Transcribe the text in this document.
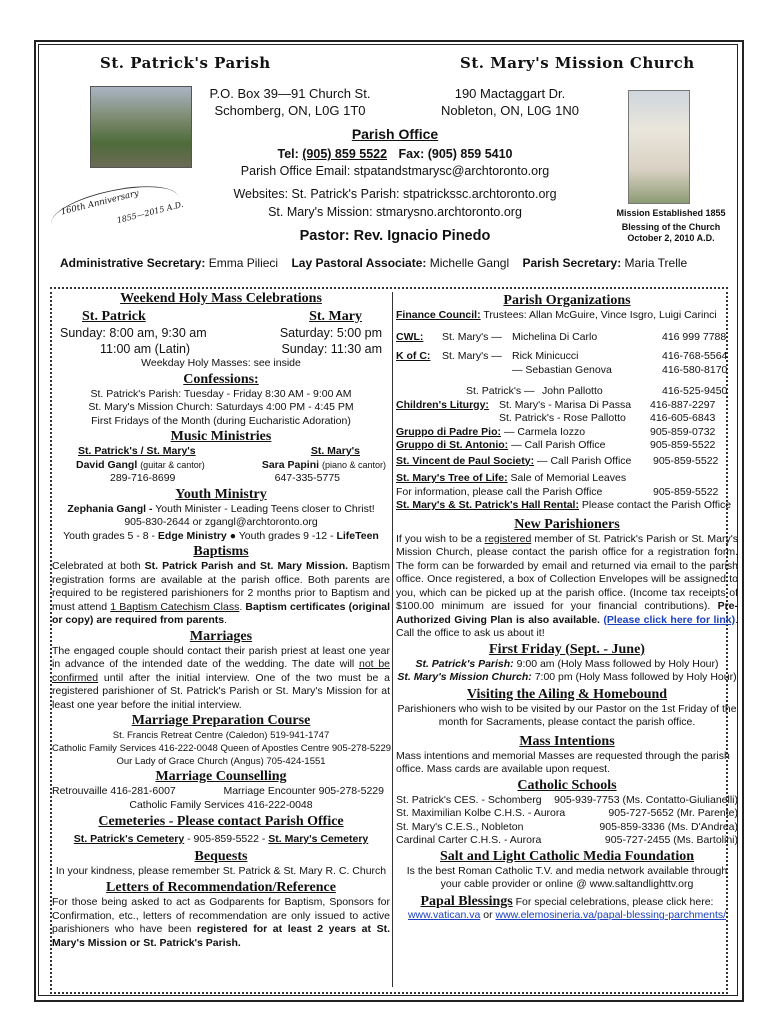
St. Patrick's Parish	St. Mary's Mission Church
P.O. Box 39—91 Church St.
Schomberg, ON, L0G 1T0
190 Mactaggart Dr.
Nobleton, ON, L0G 1N0
Parish Office
Tel: (905) 859 5522 Fax: (905) 859 5410
Parish Office Email: stpatandstmarysc@archtoronto.org
Websites: St. Patrick's Parish: stpatrickssc.archtoronto.org
St. Mary's Mission: stmarysno.archtoronto.org
Pastor: Rev. Ignacio Pinedo
160th Anniversary
1855—2015 A.D.	Mission Established 1855
Blessing of the Church
October 2, 2010 A.D.
Administrative Secretary: Emma Pilieci Lay Pastoral Associate: Michelle Gangl Parish Secretary: Maria Trelle
Weekend Holy Mass Celebrations
St. Patrick	St. Mary
Sunday: 8:00 am, 9:30 am	Saturday: 5:00 pm
11:00 am (Latin)	Sunday: 11:30 am
Weekday Holy Masses: see inside
Confessions:
St. Patrick's Parish: Tuesday - Friday 8:30 AM - 9:00 AM
St. Mary's Mission Church: Saturdays 4:00 PM - 4:45 PM
First Fridays of the Month (during Eucharistic Adoration)
Music Ministries
St. Patrick's / St. Mary's	St. Mary's
David Gangl (guitar & cantor)	Sara Papini (piano & cantor)
289-716-8699	647-335-5775
Youth Ministry
Zephania Gangl - Youth Minister - Leading Teens closer to Christ!
905-830-2644 or zgangl@archtoronto.org
Youth grades 5 - 8 - Edge Ministry ● Youth grades 9 -12 - LifeTeen
Baptisms
Celebrated at both St. Patrick Parish and St. Mary Mission. Baptism registration forms are available at the parish office. Both parents are required to be registered parishioners for 2 months prior to Baptism and must attend 1 Baptism Catechism Class. Baptism certificates (original or copy) are required from parents.
Marriages
The engaged couple should contact their parish priest at least one year in advance of the intended date of the wedding. The date will not be confirmed until after the initial interview. One of the two must be a registered parishioner of St. Patrick's Parish or St. Mary's Mission for at least one year before the initial interview.
Marriage Preparation Course
St. Francis Retreat Centre (Caledon) 519-941-1747
Catholic Family Services 416-222-0048 Queen of Apostles Centre 905-278-5229
Our Lady of Grace Church (Angus) 705-424-1551
Marriage Counselling
Retrouvaille 416-281-6007	Marriage Encounter 905-278-5229
Catholic Family Services 416-222-0048
Cemeteries - Please contact Parish Office
St. Patrick's Cemetery - 905-859-5522 - St. Mary's Cemetery
Bequests
In your kindness, please remember St. Patrick & St. Mary R. C. Church
Letters of Recommendation/Reference
For those being asked to act as Godparents for Baptism, Sponsors for Confirmation, etc., letters of recommendation are only issued to active parishioners who have been registered for at least 2 years at St. Mary's Mission or St. Patrick's Parish.
Parish Organizations
Finance Council: Trustees: Allan McGuire, Vince Isgro, Luigi Carinci
CWL:	St. Mary's — Michelina Di Carlo	416 999 7788
K of C:	St. Mary's — Rick Minicucci	416-768-5564
— Sebastian Genova	416-580-8170
St. Patrick's — John Pallotto	416-525-9450
Children's Liturgy: St. Mary's - Marisa Di Passa	416-887-2297
St. Patrick's - Rose Pallotto	416-605-6843
Gruppo di Padre Pio: — Carmela Iozzo	905-859-0732
Gruppo di St. Antonio: — Call Parish Office	905-859-5522
St. Vincent de Paul Society: — Call Parish Office	905-859-5522
St. Mary's Tree of Life: Sale of Memorial Leaves
For information, please call the Parish Office	905-859-5522
St. Mary's & St. Patrick's Hall Rental: Please contact the Parish Office
New Parishioners
If you wish to be a registered member of St. Patrick's Parish or St. Mary's Mission Church, please contact the parish office for a registration form. The form can be forwarded by email and returned via email to the parish office. Once registered, a box of Collection Envelopes will be assigned to you, which can be picked up at the parish office. (Income tax receipts of $100.00 minimum are issued for your financial contributions). Pre-Authorized Giving Plan is also available. (Please click here for link). Call the office to ask us about it!
First Friday (Sept. - June)
St. Patrick's Parish: 9:00 am (Holy Mass followed by Holy Hour)
St. Mary's Mission Church: 7:00 pm (Holy Mass followed by Holy Hour)
Visiting the Ailing & Homebound
Parishioners who wish to be visited by our Pastor on the 1st Friday of the month for Sacraments, please contact the parish office.
Mass Intentions
Mass intentions and memorial Masses are requested through the parish office. Mass cards are available upon request.
Catholic Schools
St. Patrick's CES. - Schomberg 905-939-7753 (Ms. Contatto-Giulianelli)
St. Maximilian Kolbe C.H.S. - Aurora	905-727-5652 (Mr. Parente)
St. Mary's C.E.S., Nobleton	905-859-3336 (Ms. D'Andrea)
Cardinal Carter C.H.S. - Aurora	905-727-2455 (Ms. Bartolini)
Salt and Light Catholic Media Foundation
Is the best Roman Catholic T.V. and media network available through your cable provider or online @ www.saltandlighttv.org
Papal Blessings For special celebrations, please click here:
www.vatican.va or www.elemosineria.va/papal-blessing-parchments/
